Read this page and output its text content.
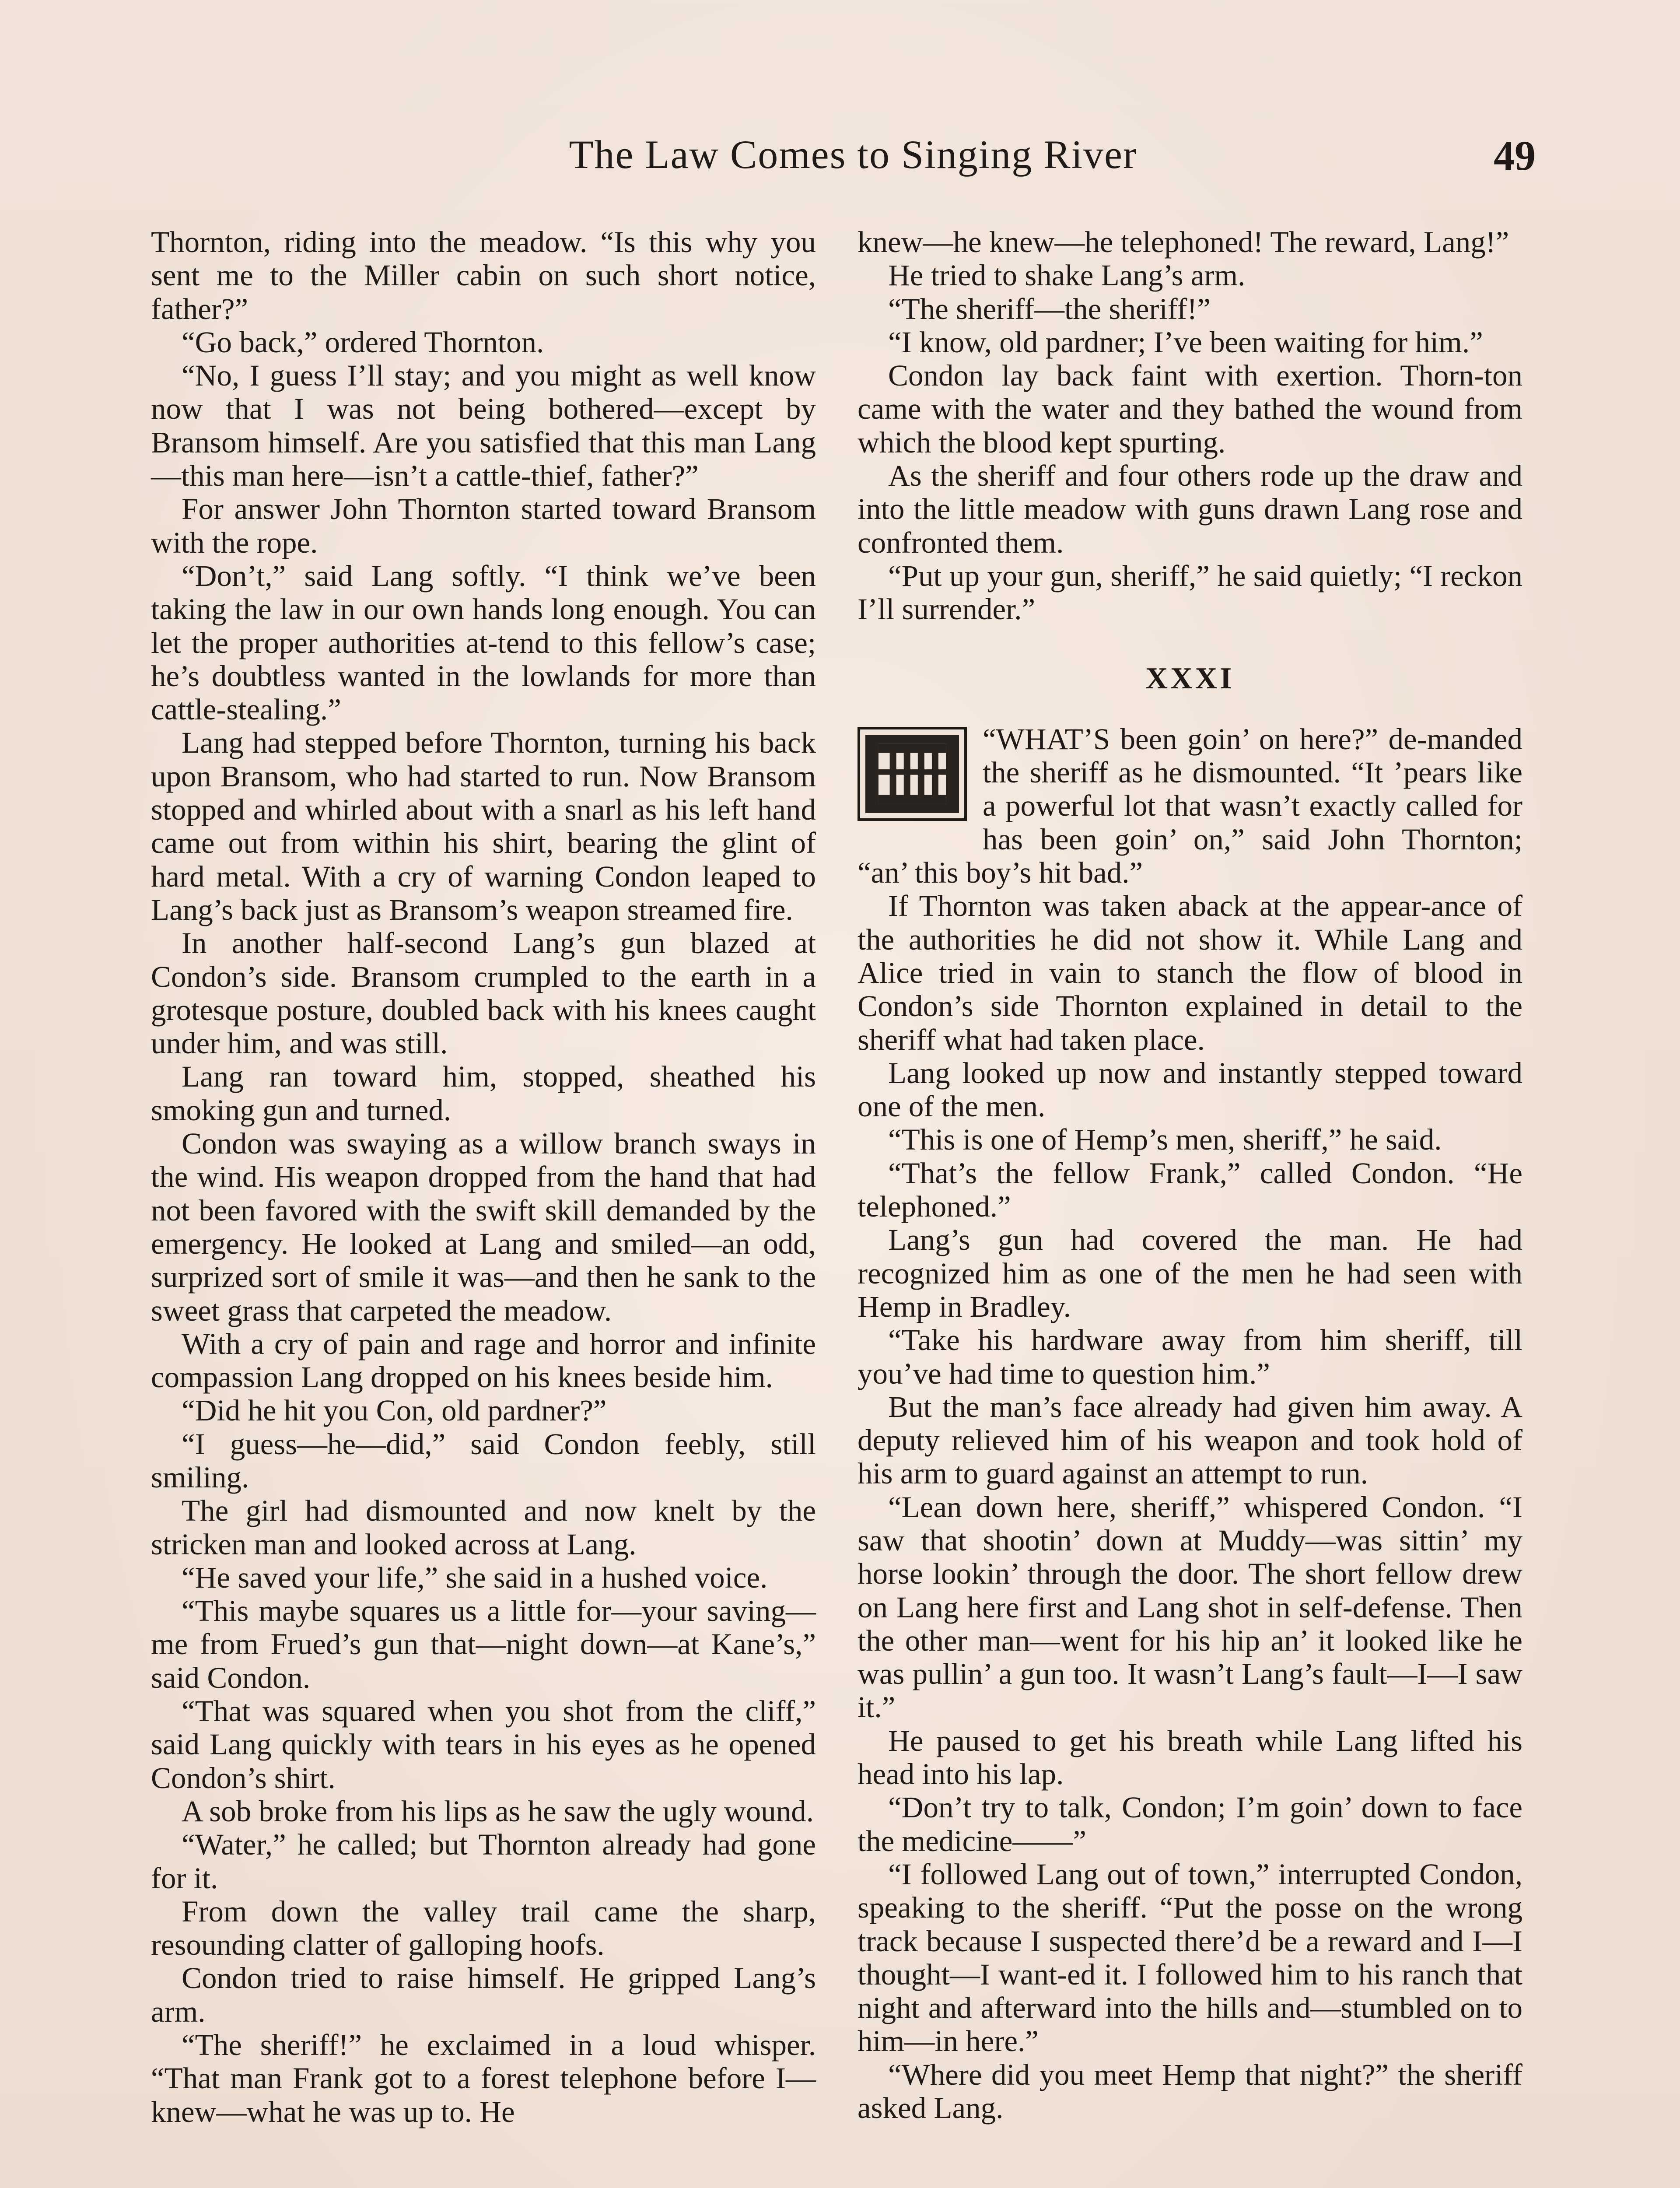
The Law Comes to Singing River	49

Thornton, riding into the meadow. “Is this why you sent me to the Miller cabin on such short notice, father?”

“Go back,” ordered Thornton.

“No, I guess I’ll stay; and you might as well know now that I was not being bothered—except by Bransom himself. Are you satisfied that this man Lang—this man here—isn’t a cattle-thief, father?”

For answer John Thornton started toward Bransom with the rope.

“Don’t,” said Lang softly. “I think we’ve been taking the law in our own hands long enough. You can let the proper authorities at-tend to this fellow’s case; he’s doubtless wanted in the lowlands for more than cattle-stealing.”

Lang had stepped before Thornton, turning his back upon Bransom, who had started to run. Now Bransom stopped and whirled about with a snarl as his left hand came out from within his shirt, bearing the glint of hard metal. With a cry of warning Condon leaped to Lang’s back just as Bransom’s weapon streamed fire.

In another half-second Lang’s gun blazed at Condon’s side. Bransom crumpled to the earth in a grotesque posture, doubled back with his knees caught under him, and was still.

Lang ran toward him, stopped, sheathed his smoking gun and turned.

Condon was swaying as a willow branch sways in the wind. His weapon dropped from the hand that had not been favored with the swift skill demanded by the emergency. He looked at Lang and smiled—an odd, surprized sort of smile it was—and then he sank to the sweet grass that carpeted the meadow.

With a cry of pain and rage and horror and infinite compassion Lang dropped on his knees beside him.

“Did he hit you Con, old pardner?”

“I guess—he—did,” said Condon feebly, still smiling.

The girl had dismounted and now knelt by the stricken man and looked across at Lang.

“He saved your life,” she said in a hushed voice.

“This maybe squares us a little for—your saving—me from Frued’s gun that—night down—at Kane’s,” said Condon.

“That was squared when you shot from the cliff,” said Lang quickly with tears in his eyes as he opened Condon’s shirt.

A sob broke from his lips as he saw the ugly wound.

“Water,” he called; but Thornton already had gone for it.

From down the valley trail came the sharp, resounding clatter of galloping hoofs.

Condon tried to raise himself. He gripped Lang’s arm.

“The sheriff!” he exclaimed in a loud whisper. “That man Frank got to a forest telephone before I—knew—what he was up to. He

knew—he knew—he telephoned! The reward, Lang!”

He tried to shake Lang’s arm.

“The sheriff—the sheriff!”

“I know, old pardner; I’ve been waiting for him.”

Condon lay back faint with exertion. Thorn-ton came with the water and they bathed the wound from which the blood kept spurting.

As the sheriff and four others rode up the draw and into the little meadow with guns drawn Lang rose and confronted them.

“Put up your gun, sheriff,” he said quietly; “I reckon I’ll surrender.”

XXXI

“WHAT’S been goin’ on here?” de-manded the sheriff as he dismounted. “It ’pears like a powerful lot that wasn’t exactly called for has been goin’ on,” said John Thornton; “an’ this boy’s hit bad.”

If Thornton was taken aback at the appear-ance of the authorities he did not show it. While Lang and Alice tried in vain to stanch the flow of blood in Condon’s side Thornton explained in detail to the sheriff what had taken place.

Lang looked up now and instantly stepped toward one of the men.

“This is one of Hemp’s men, sheriff,” he said.

“That’s the fellow Frank,” called Condon. “He telephoned.”

Lang’s gun had covered the man. He had recognized him as one of the men he had seen with Hemp in Bradley.

“Take his hardware away from him sheriff, till you’ve had time to question him.”

But the man’s face already had given him away. A deputy relieved him of his weapon and took hold of his arm to guard against an attempt to run.

“Lean down here, sheriff,” whispered Condon. “I saw that shootin’ down at Muddy—was sittin’ my horse lookin’ through the door. The short fellow drew on Lang here first and Lang shot in self-defense. Then the other man—went for his hip an’ it looked like he was pullin’ a gun too. It wasn’t Lang’s fault—I—I saw it.”

He paused to get his breath while Lang lifted his head into his lap.

“Don’t try to talk, Condon; I’m goin’ down to face the medicine——”

“I followed Lang out of town,” interrupted Condon, speaking to the sheriff. “Put the posse on the wrong track because I suspected there’d be a reward and I—I thought—I want-ed it. I followed him to his ranch that night and afterward into the hills and—stumbled on to him—in here.”

“Where did you meet Hemp that night?” the sheriff asked Lang.
